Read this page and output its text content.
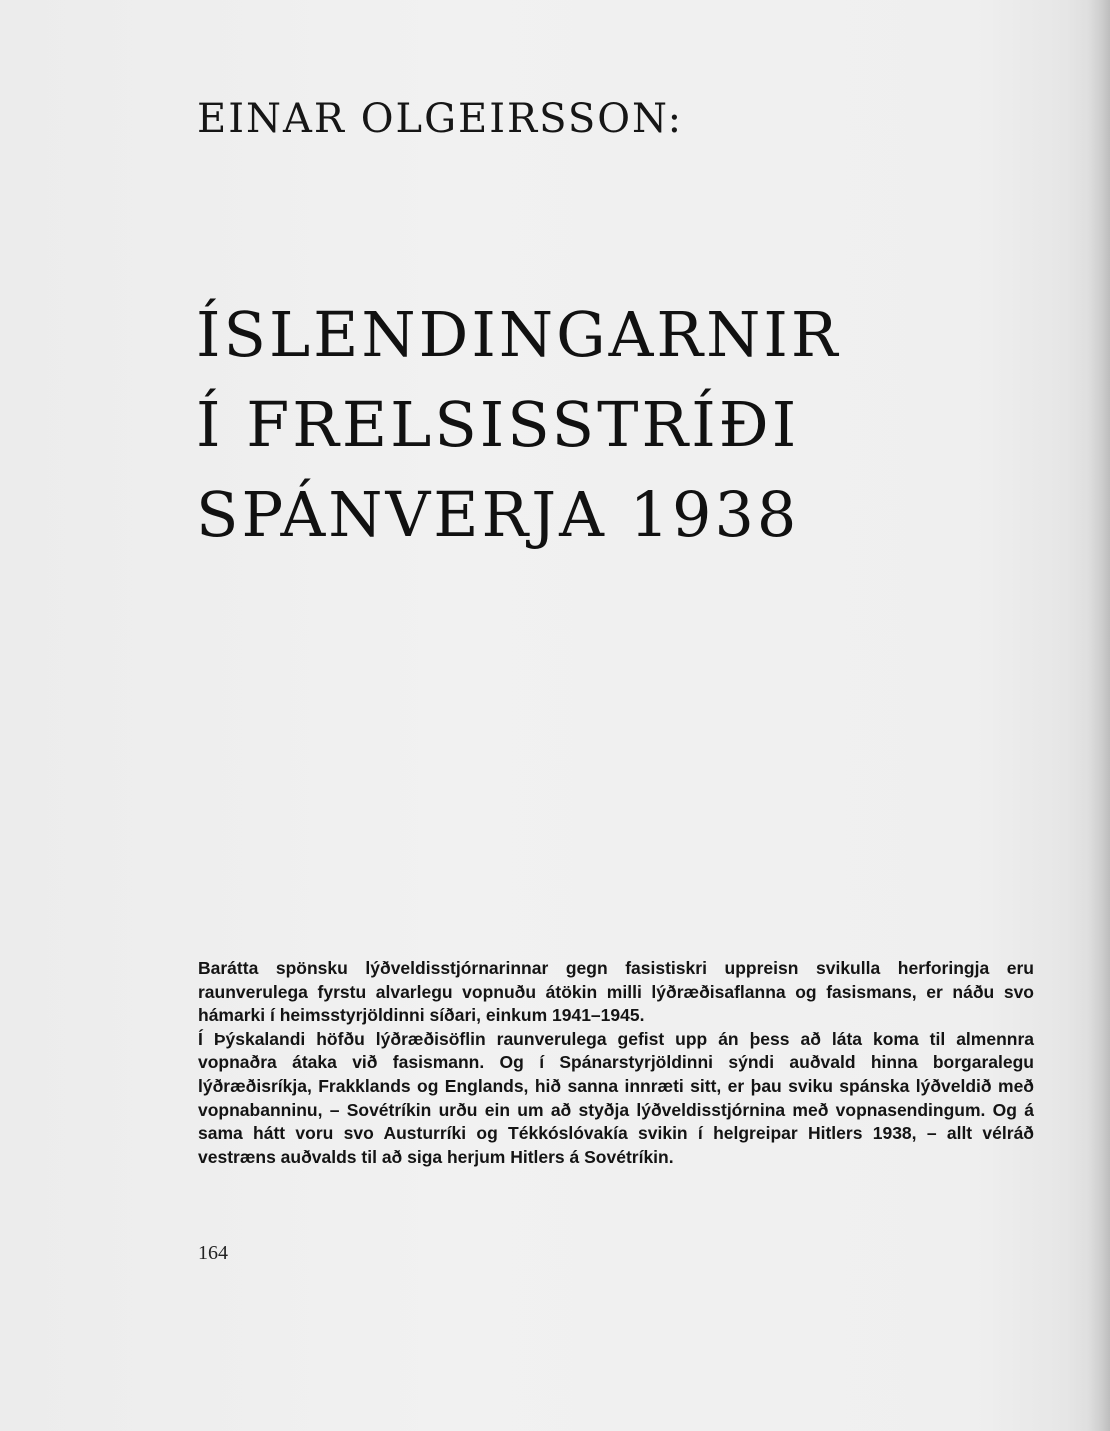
EINAR OLGEIRSSON:
ÍSLENDINGARNIR
Í FRELSISSTRÍÐI
SPÁNVERJA 1938

Barátta spönsku lýðveldisstjórnarinnar gegn fasistiskri uppreisn svikulla herforingja eru raunverulega fyrstu alvarlegu vopnuðu átökin milli lýðræðisaflanna og fasismans, er náðu svo hámarki í heimsstyrjöldinni síðari, einkum 1941–1945.

Í Þýskalandi höfðu lýðræðisöflin raunverulega gefist upp án þess að láta koma til almennra vopnaðra átaka við fasismann. Og í Spánarstyrjöldinni sýndi auðvald hinna borgaralegu lýðræðisríkja, Frakklands og Englands, hið sanna innræti sitt, er þau sviku spánska lýðveldið með vopnabanninu, – Sovétríkin urðu ein um að styðja lýðveldisstjórnina með vopnasendingum. Og á sama hátt voru svo Austurríki og Tékkóslóvakía svikin í helgreipar Hitlers 1938, – allt vélráð vestræns auðvalds til að siga herjum Hitlers á Sovétríkin.

164
